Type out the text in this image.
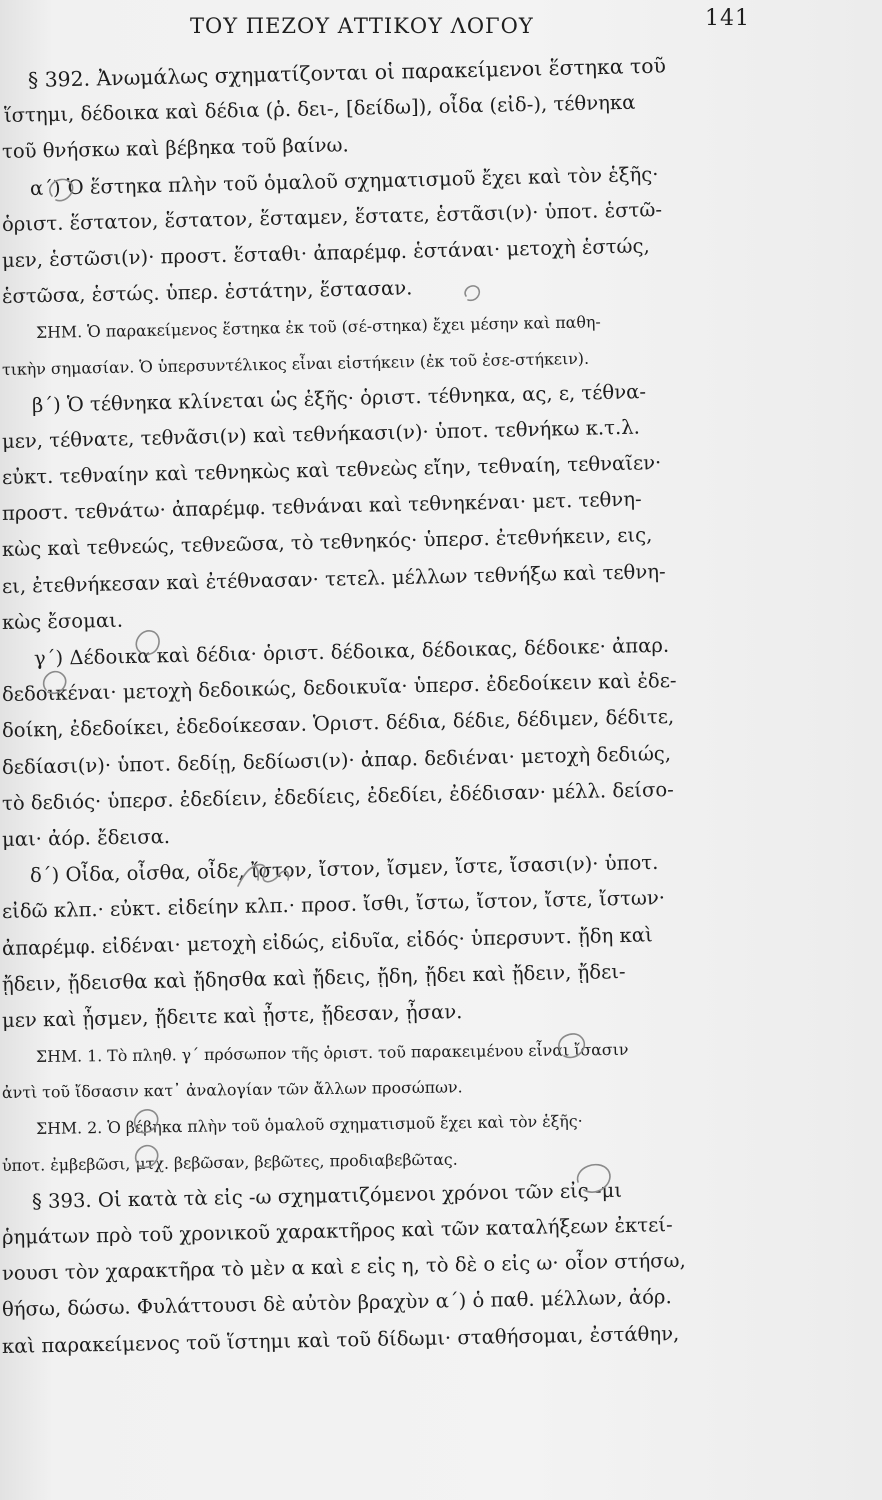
ΤΟΥ ΠΕΖΟΥ ΑΤΤΙΚΟΥ ΛΟΓΟΥ	141
§ 392. Ἀνωμάλως σχηματίζονται οἱ παρακείμενοι ἕστηκα τοῦ
ἵστημι, δέδοικα καὶ δέδια (ῥ. δει-, [δείδω]), οἶδα (εἰδ-), τέθνηκα
τοῦ θνήσκω καὶ βέβηκα τοῦ βαίνω.
α΄) Ὁ ἕστηκα πλὴν τοῦ ὁμαλοῦ σχηματισμοῦ ἔχει καὶ τὸν ἑξῆς·
ὁριστ. ἕστατον, ἕστατον, ἕσταμεν, ἕστατε, ἑστᾶσι(ν)· ὑποτ. ἑστῶ-
μεν, ἑστῶσι(ν)· προστ. ἕσταθι· ἀπαρέμφ. ἑστάναι· μετοχὴ ἑστώς,
ἑστῶσα, ἑστώς. ὑπερ. ἑστάτην, ἕστασαν.
ΣΗΜ. Ὁ παρακείμενος ἕστηκα ἐκ τοῦ (σέ-στηκα) ἔχει μέσην καὶ παθη-
τικὴν σημασίαν. Ὁ ὑπερσυντέλικος εἶναι εἱστήκειν (ἐκ τοῦ ἐσε-στήκειν).
β΄) Ὁ τέθνηκα κλίνεται ὡς ἑξῆς· ὁριστ. τέθνηκα, ας, ε, τέθνα-
μεν, τέθνατε, τεθνᾶσι(ν) καὶ τεθνήκασι(ν)· ὑποτ. τεθνήκω κ.τ.λ.
εὐκτ. τεθναίην καὶ τεθνηκὼς καὶ τεθνεὼς εἴην, τεθναίη, τεθναῖεν·
προστ. τεθνάτω· ἀπαρέμφ. τεθνάναι καὶ τεθνηκέναι· μετ. τεθνη-
κὼς καὶ τεθνεώς, τεθνεῶσα, τὸ τεθνηκός· ὑπερσ. ἐτεθνήκειν, εις,
ει, ἐτεθνήκεσαν καὶ ἐτέθνασαν· τετελ. μέλλων τεθνήξω καὶ τεθνη-
κὼς ἔσομαι.
γ΄) Δέδοικα καὶ δέδια· ὁριστ. δέδοικα, δέδοικας, δέδοικε· ἀπαρ.
δεδοικέναι· μετοχὴ δεδοικώς, δεδοικυῖα· ὑπερσ. ἐδεδοίκειν καὶ ἐδε-
δοίκη, ἐδεδοίκει, ἐδεδοίκεσαν. Ὁριστ. δέδια, δέδιε, δέδιμεν, δέδιτε,
δεδίασι(ν)· ὑποτ. δεδίῃ, δεδίωσι(ν)· ἀπαρ. δεδιέναι· μετοχὴ δεδιώς,
τὸ δεδιός· ὑπερσ. ἐδεδίειν, ἐδεδίεις, ἐδεδίει, ἐδέδισαν· μέλλ. δείσο-
μαι· ἀόρ. ἔδεισα.
δ΄) Οἶδα, οἶσθα, οἶδε, ἴστον, ἴστον, ἴσμεν, ἴστε, ἴσασι(ν)· ὑποτ.
εἰδῶ κλπ.· εὐκτ. εἰδείην κλπ.· προσ. ἴσθι, ἴστω, ἴστον, ἴστε, ἴστων·
ἀπαρέμφ. εἰδέναι· μετοχὴ εἰδώς, εἰδυῖα, εἰδός· ὑπερσυντ. ᾔδη καὶ
ᾔδειν, ᾔδεισθα καὶ ᾔδησθα καὶ ᾔδεις, ᾔδη, ᾔδει καὶ ᾔδειν, ᾔδει-
μεν καὶ ᾖσμεν, ᾔδειτε καὶ ᾖστε, ᾔδεσαν, ᾖσαν.
ΣΗΜ. 1. Τὸ πληθ. γ΄ πρόσωπον τῆς ὁριστ. τοῦ παρακειμένου εἶναι ἴσασιν
ἀντὶ τοῦ ἴδσασιν κατ᾿ ἀναλογίαν τῶν ἄλλων προσώπων.
ΣΗΜ. 2. Ὁ βέβηκα πλὴν τοῦ ὁμαλοῦ σχηματισμοῦ ἔχει καὶ τὸν ἑξῆς·
ὑποτ. ἐμβεβῶσι, μτχ. βεβῶσαν, βεβῶτες, προδιαβεβῶτας.
§ 393. Οἱ κατὰ τὰ εἰς -ω σχηματιζόμενοι χρόνοι τῶν εἰς -μι
ῥημάτων πρὸ τοῦ χρονικοῦ χαρακτῆρος καὶ τῶν καταλήξεων ἐκτεί-
νουσι τὸν χαρακτῆρα τὸ μὲν α καὶ ε εἰς η, τὸ δὲ ο εἰς ω· οἷον στήσω,
θήσω, δώσω. Φυλάττουσι δὲ αὐτὸν βραχὺν α΄) ὁ παθ. μέλλων, ἀόρ.
καὶ παρακείμενος τοῦ ἵστημι καὶ τοῦ δίδωμι· σταθήσομαι, ἐστάθην,
